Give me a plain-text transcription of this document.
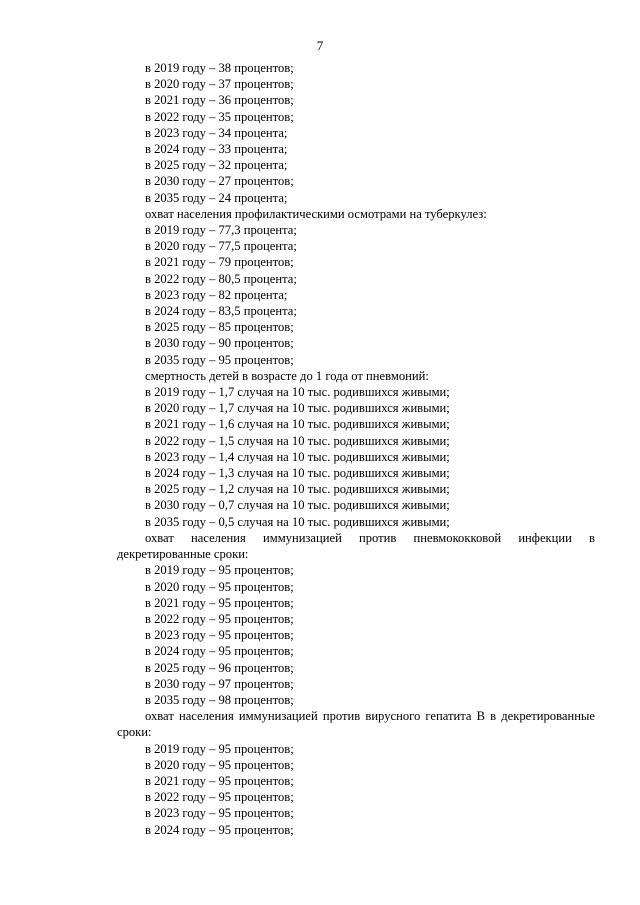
7
в 2019 году – 38 процентов;
в 2020 году – 37 процентов;
в 2021 году – 36 процентов;
в 2022 году – 35 процентов;
в 2023 году – 34 процента;
в 2024 году – 33 процента;
в 2025 году – 32 процента;
в 2030 году – 27 процентов;
в 2035 году – 24 процента;
охват населения профилактическими осмотрами на туберкулез:
в 2019 году – 77,3 процента;
в 2020 году – 77,5 процента;
в 2021 году – 79 процентов;
в 2022 году – 80,5 процента;
в 2023 году – 82 процента;
в 2024 году – 83,5 процента;
в 2025 году – 85 процентов;
в 2030 году – 90 процентов;
в 2035 году – 95 процентов;
смертность детей в возрасте до 1 года от пневмоний:
в 2019 году – 1,7 случая на 10 тыс. родившихся живыми;
в 2020 году – 1,7 случая на 10 тыс. родившихся живыми;
в 2021 году – 1,6 случая на 10 тыс. родившихся живыми;
в 2022 году – 1,5 случая на 10 тыс. родившихся живыми;
в 2023 году – 1,4 случая на 10 тыс. родившихся живыми;
в 2024 году – 1,3 случая на 10 тыс. родившихся живыми;
в 2025 году – 1,2 случая на 10 тыс. родившихся живыми;
в 2030 году – 0,7 случая на 10 тыс. родившихся живыми;
в 2035 году – 0,5 случая на 10 тыс. родившихся живыми;

охват населения иммунизацией против пневмококковой инфекции в декретированные сроки:

в 2019 году – 95 процентов;
в 2020 году – 95 процентов;
в 2021 году – 95 процентов;
в 2022 году – 95 процентов;
в 2023 году – 95 процентов;
в 2024 году – 95 процентов;
в 2025 году – 96 процентов;
в 2030 году – 97 процентов;
в 2035 году – 98 процентов;

охват населения иммунизацией против вирусного гепатита В в декретированные сроки:

в 2019 году – 95 процентов;
в 2020 году – 95 процентов;
в 2021 году – 95 процентов;
в 2022 году – 95 процентов;
в 2023 году – 95 процентов;
в 2024 году – 95 процентов;
